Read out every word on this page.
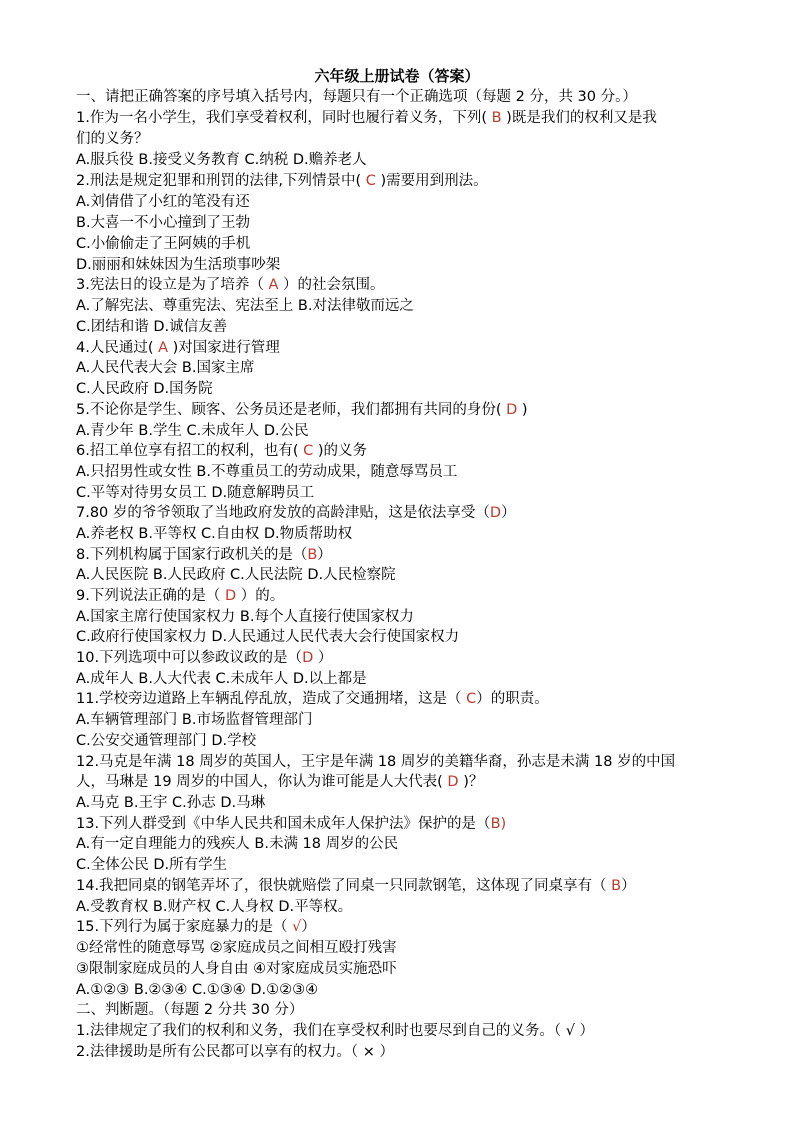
六年级上册试卷（答案）
一、请把正确答案的序号填入括号内，每题只有一个正确选项（每题 2 分，共 30 分。）
1.作为一名小学生，我们享受着权利，同时也履行着义务，下列( B )既是我们的权利又是我
们的义务？
A.服兵役 B.接受义务教育 C.纳税 D.赡养老人
2.刑法是规定犯罪和刑罚的法律,下列情景中( C )需要用到刑法。
A.刘倩借了小红的笔没有还
B.大喜一不小心撞到了王勃
C.小偷偷走了王阿姨的手机
D.丽丽和妹妹因为生活琐事吵架
3.宪法日的设立是为了培养（ A ）的社会氛围。
A.了解宪法、尊重宪法、宪法至上 B.对法律敬而远之
C.团结和谐 D.诚信友善
4.人民通过( A )对国家进行管理
A.人民代表大会 B.国家主席
C.人民政府 D.国务院
5.不论你是学生、顾客、公务员还是老师，我们都拥有共同的身份( D )
A.青少年 B.学生 C.未成年人 D.公民
6.招工单位享有招工的权利，也有( C )的义务
A.只招男性或女性 B.不尊重员工的劳动成果，随意辱骂员工
C.平等对待男女员工 D.随意解聘员工
7.80 岁的爷爷领取了当地政府发放的高龄津贴，这是依法享受（D）
A.养老权 B.平等权 C.自由权 D.物质帮助权
8.下列机构属于国家行政机关的是（B）
A.人民医院 B.人民政府 C.人民法院 D.人民检察院
9.下列说法正确的是（ D ）的。
A.国家主席行使国家权力 B.每个人直接行使国家权力
C.政府行使国家权力 D.人民通过人民代表大会行使国家权力
10.下列选项中可以参政议政的是（D ）
A.成年人 B.人大代表 C.未成年人 D.以上都是
11.学校旁边道路上车辆乱停乱放，造成了交通拥堵，这是（ C）的职责。
A.车辆管理部门 B.市场监督管理部门
C.公安交通管理部门 D.学校
12.马克是年满 18 周岁的英国人，王宇是年满 18 周岁的美籍华裔，孙志是未满 18 岁的中国
人，马琳是 19 周岁的中国人，你认为谁可能是人大代表( D )？
A.马克 B.王宇 C.孙志 D.马琳
13.下列人群受到《中华人民共和国未成年人保护法》保护的是（B)
A.有一定自理能力的残疾人 B.未满 18 周岁的公民
C.全体公民 D.所有学生
14.我把同桌的钢笔弄坏了，很快就赔偿了同桌一只同款钢笔，这体现了同桌享有（ B）
A.受教育权 B.财产权 C.人身权 D.平等权。
15.下列行为属于家庭暴力的是（ √）
①经常性的随意辱骂 ②家庭成员之间相互殴打残害
③限制家庭成员的人身自由 ④对家庭成员实施恐吓
A.①②③ B.②③④ C.①③④ D.①②③④
二、判断题。（每题 2 分共 30 分）
1.法律规定了我们的权利和义务，我们在享受权利时也要尽到自己的义务。（ √ ）
2.法律援助是所有公民都可以享有的权力。（ × ）
